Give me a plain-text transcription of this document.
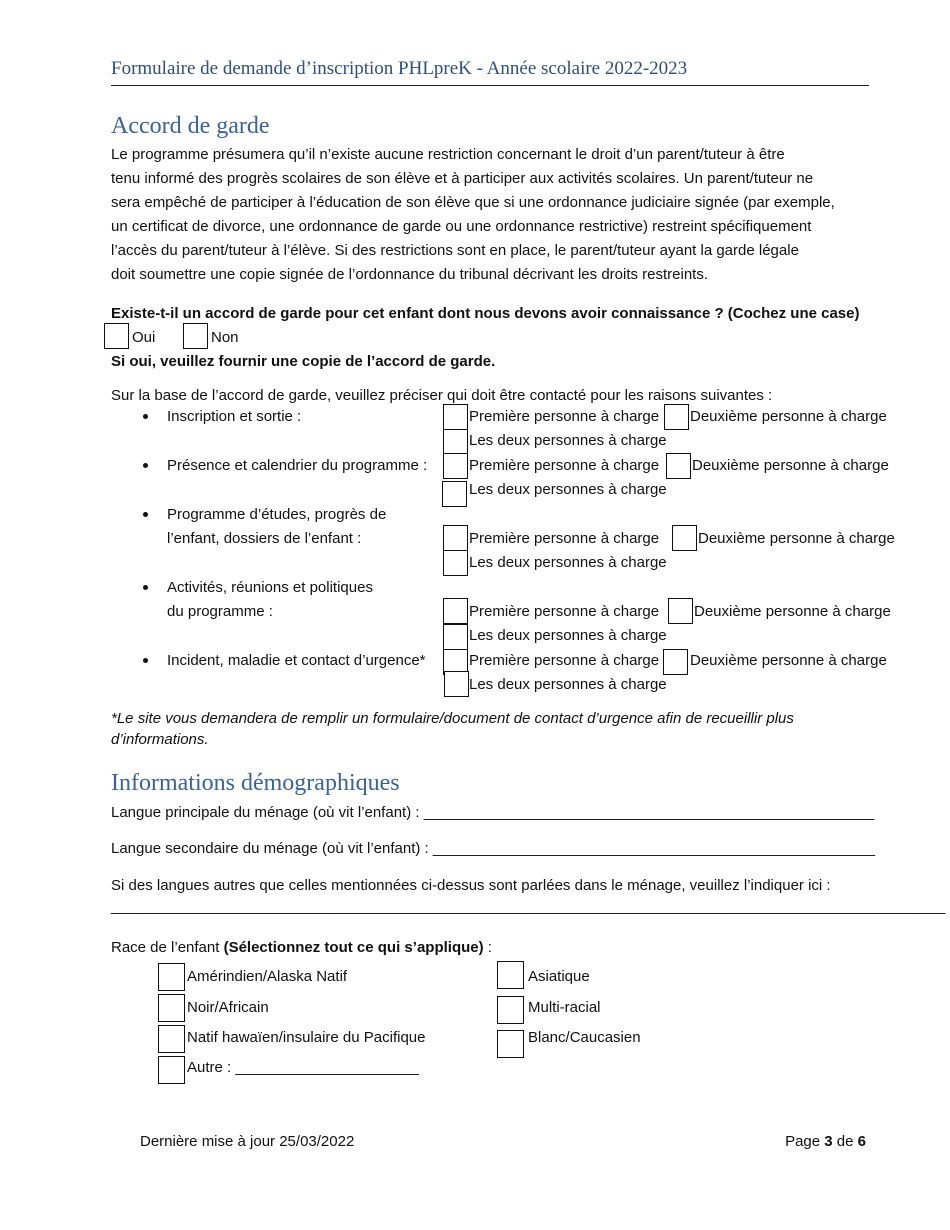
Formulaire de demande d’inscription PHLpreK - Année scolaire 2022-2023
Accord de garde
Le programme présumera qu’il n’existe aucune restriction concernant le droit d’un parent/tuteur à être
tenu informé des progrès scolaires de son élève et à participer aux activités scolaires. Un parent/tuteur ne
sera empêché de participer à l’éducation de son élève que si une ordonnance judiciaire signée (par exemple,
un certificat de divorce, une ordonnance de garde ou une ordonnance restrictive) restreint spécifiquement
l’accès du parent/tuteur à l’élève. Si des restrictions sont en place, le parent/tuteur ayant la garde légale
doit soumettre une copie signée de l’ordonnance du tribunal décrivant les droits restreints.
Existe-t-il un accord de garde pour cet enfant dont nous devons avoir connaissance ? (Cochez une case)
Oui	Non
Si oui, veuillez fournir une copie de l’accord de garde.
Sur la base de l’accord de garde, veuillez préciser qui doit être contacté pour les raisons suivantes :
Inscription et sortie :	Première personne à charge Deuxième personne à charge
Les deux personnes à charge
Présence et calendrier du programme :	Première personne à charge Deuxième personne à charge
Les deux personnes à charge
Programme d’études, progrès de
l’enfant, dossiers de l’enfant :	Première personne à charge	Deuxième personne à charge
Les deux personnes à charge
Activités, réunions et politiques
du programme :	Première personne à charge Deuxième personne à charge
Les deux personnes à charge
Incident, maladie et contact d’urgence*	Première personne à charge Deuxième personne à charge
Les deux personnes à charge
*Le site vous demandera de remplir un formulaire/document de contact d’urgence afin de recueillir plus
d’informations.
Informations démographiques
Langue principale du ménage (où vit l’enfant) : ______________________________________________________
Langue secondaire du ménage (où vit l’enfant) : _____________________________________________________
Si des langues autres que celles mentionnées ci-dessus sont parlées dans le ménage, veuillez l’indiquer ici :
____________________________________________________________________________________________________
Race de l’enfant (Sélectionnez tout ce qui s’applique) :
Amérindien/Alaska Natif
Noir/Africain
Natif hawaïen/insulaire du Pacifique
Autre : ______________________
Asiatique
Multi-racial
Blanc/Caucasien
Dernière mise à jour 25/03/2022	Page 3 de 6
